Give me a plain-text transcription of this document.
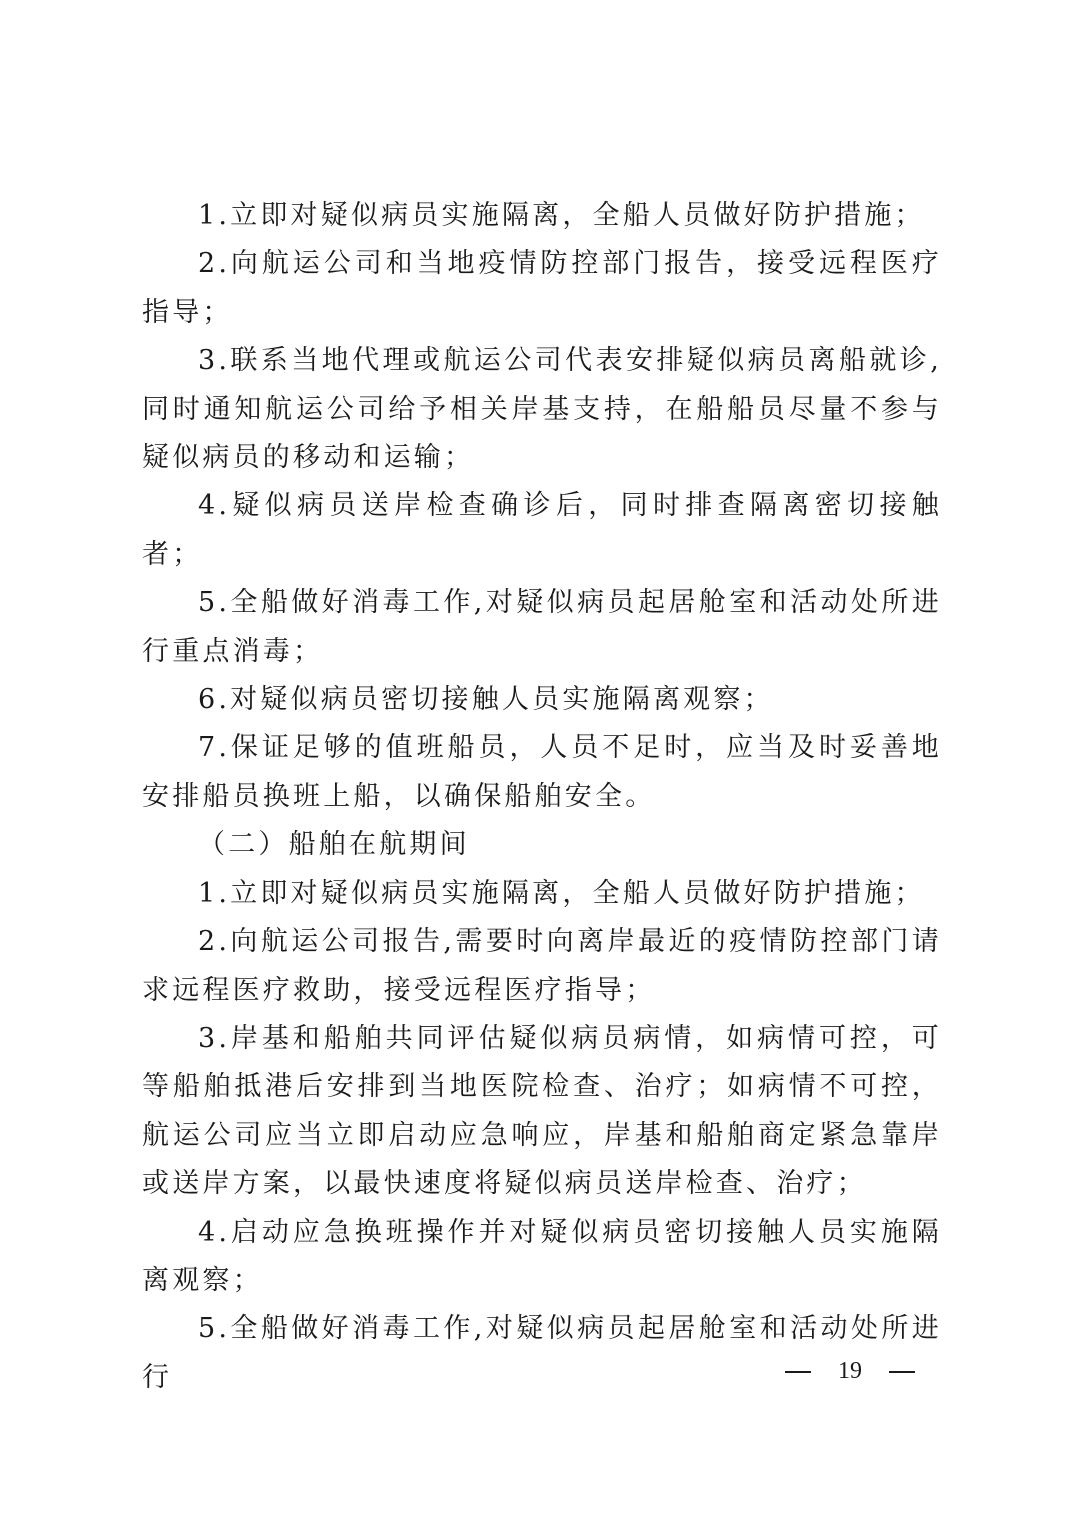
1.立即对疑似病员实施隔离，全船人员做好防护措施；

2.向航运公司和当地疫情防控部门报告，接受远程医疗指导；

3.联系当地代理或航运公司代表安排疑似病员离船就诊,同时通知航运公司给予相关岸基支持，在船船员尽量不参与疑似病员的移动和运输；

4.疑似病员送岸检查确诊后，同时排查隔离密切接触者；

5.全船做好消毒工作,对疑似病员起居舱室和活动处所进行重点消毒；

6.对疑似病员密切接触人员实施隔离观察；

7.保证足够的值班船员，人员不足时，应当及时妥善地安排船员换班上船，以确保船舶安全。

（二）船舶在航期间

1.立即对疑似病员实施隔离，全船人员做好防护措施；

2.向航运公司报告,需要时向离岸最近的疫情防控部门请求远程医疗救助，接受远程医疗指导；

3.岸基和船舶共同评估疑似病员病情，如病情可控，可等船舶抵港后安排到当地医院检查、治疗；如病情不可控，航运公司应当立即启动应急响应，岸基和船舶商定紧急靠岸或送岸方案，以最快速度将疑似病员送岸检查、治疗；

4.启动应急换班操作并对疑似病员密切接触人员实施隔离观察；

5.全船做好消毒工作,对疑似病员起居舱室和活动处所进行	19
